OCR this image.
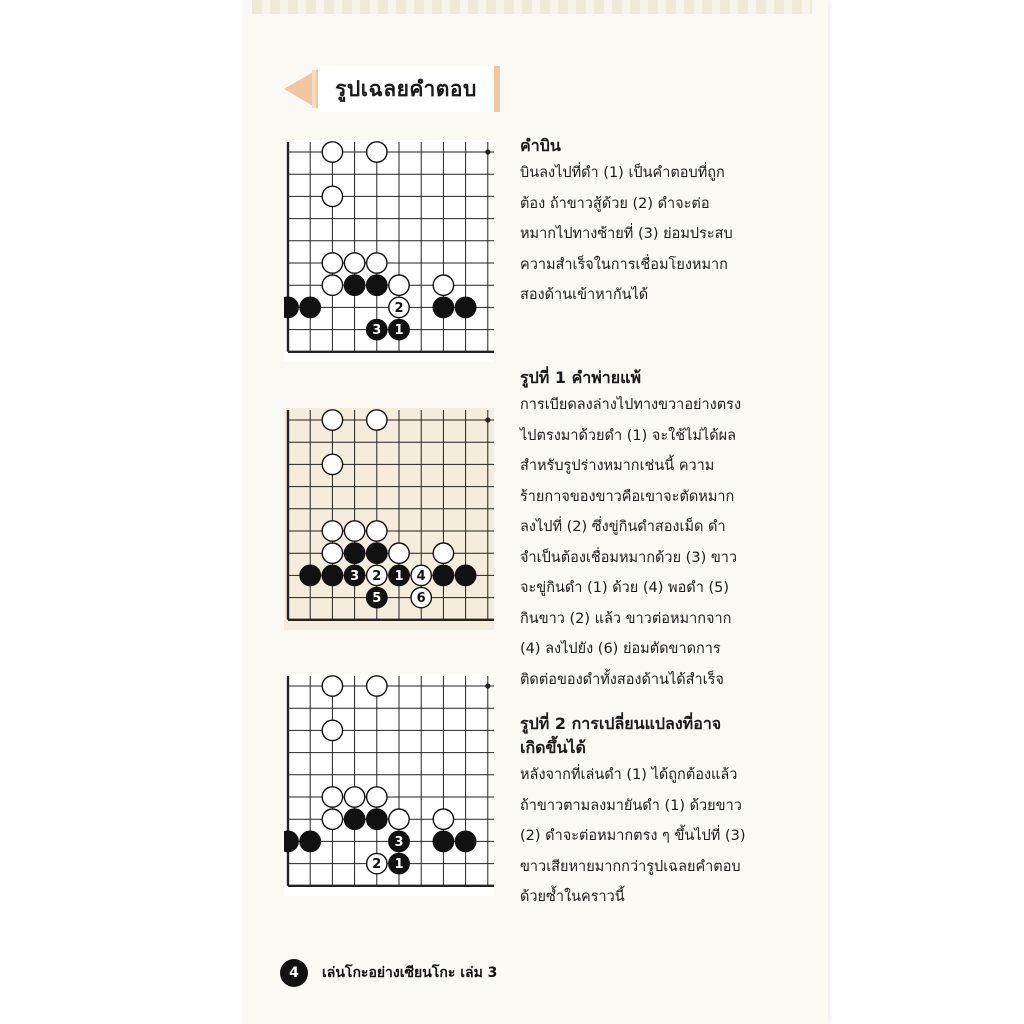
รูปเฉลยคำตอบ
2
3 1
3 2 1 4
5	6
3
2 1

คำบิน

บินลงไปที่ดำ (1) เป็นคำตอบที่ถูก
ต้อง ถ้าขาวสู้ด้วย (2) ดำจะต่อ
หมากไปทางซ้ายที่ (3) ย่อมประสบ
ความสำเร็จในการเชื่อมโยงหมาก
สองด้านเข้าหากันได้

รูปที่ 1 คำพ่ายแพ้

การเบียดลงล่างไปทางขวาอย่างตรง
ไปตรงมาด้วยดำ (1) จะใช้ไม่ได้ผล
สำหรับรูปร่างหมากเช่นนี้ ความ
ร้ายกาจของขาวคือเขาจะตัดหมาก
ลงไปที่ (2) ซึ่งขู่กินดำสองเม็ด ดำ
จำเป็นต้องเชื่อมหมากด้วย (3) ขาว
จะขู่กินดำ (1) ด้วย (4) พอดำ (5)
กินขาว (2) แล้ว ขาวต่อหมากจาก
(4) ลงไปยัง (6) ย่อมตัดขาดการ
ติดต่อของดำทั้งสองด้านได้สำเร็จ

รูปที่ 2 การเปลี่ยนแปลงที่อาจ

เกิดขึ้นได้

หลังจากที่เล่นดำ (1) ได้ถูกต้องแล้ว
ถ้าขาวตามลงมายันดำ (1) ด้วยขาว
(2) ดำจะต่อหมากตรง ๆ ขึ้นไปที่ (3)
ขาวเสียหายมากกว่ารูปเฉลยคำตอบ
ด้วยซ้ำในคราวนี้

4	เล่นโกะอย่างเซียนโกะ เล่ม 3
